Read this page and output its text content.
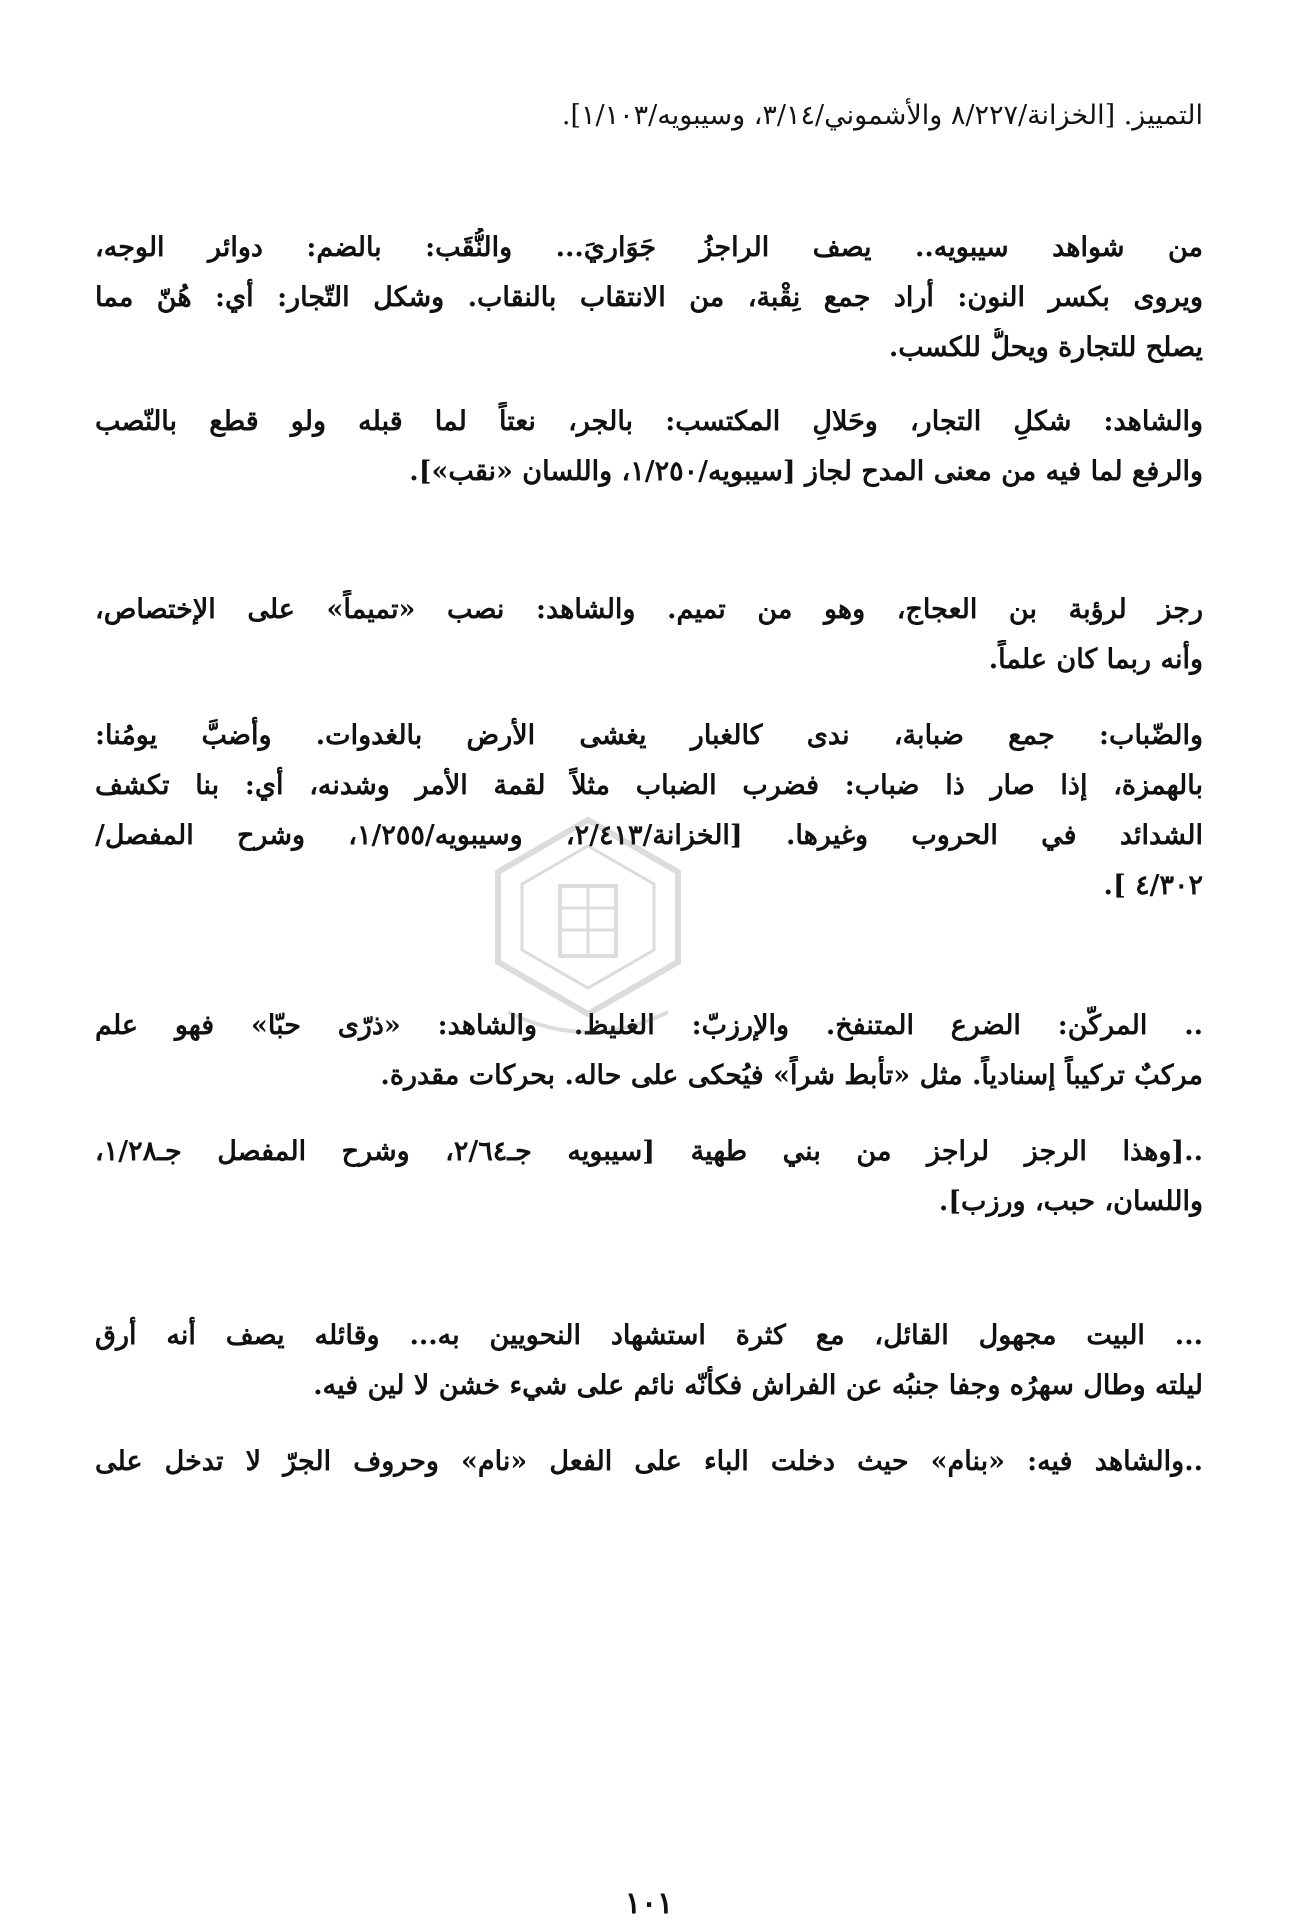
التمييز. [الخزانة/٨/٢٢٧ والأشموني/٣/١٤، وسيبويه/١/١٠٣].
من شواهد سيبويه.. يصف الراجزُ جَوَاريَ... والنُّقَب: بالضم: دوائر الوجه،
ويروى بكسر النون: أراد جمع نِقْبة، من الانتقاب بالنقاب. وشكل التّجار: أي: هُنّ مما
يصلح للتجارة ويحلُّ للكسب.
والشاهد: شكلِ التجار، وحَلالِ المكتسب: بالجر، نعتاً لما قبله ولو قطع بالنّصب
والرفع لما فيه من معنى المدح لجاز [سيبويه/١/٢٥٠، واللسان «نقب»].
رجز لرؤبة بن العجاج، وهو من تميم. والشاهد: نصب «تميماً» على الإختصاص،
وأنه ربما كان علماً.
والضّباب: جمع ضبابة، ندى كالغبار يغشى الأرض بالغدوات. وأضبَّ يومُنا:
بالهمزة، إذا صار ذا ضباب: فضرب الضباب مثلاً لقمة الأمر وشدنه، أي: بنا تكشف
الشدائد في الحروب وغيرها. [الخزانة/٢/٤١٣، وسيبويه/١/٢٥٥، وشرح المفصل/
٤/٣٠٢ ].
.. المركّن: الضرع المتنفخ. والإرزبّ: الغليظ. والشاهد: «ذرّى حبّا» فهو علم
مركبٌ تركيباً إسنادياً. مثل «تأبط شراً» فيُحكى على حاله. بحركات مقدرة.
..[وهذا الرجز لراجز من بني طهية [سيبويه جـ٢/٦٤، وشرح المفصل جـ١/٢٨،
واللسان، حبب، ورزب].
... البيت مجهول القائل، مع كثرة استشهاد النحويين به... وقائله يصف أنه أرق
ليلته وطال سهرُه وجفا جنبُه عن الفراش فكأنّه نائم على شيء خشن لا لين فيه.
..والشاهد فيه: «بنام» حيث دخلت الباء على الفعل «نام» وحروف الجرّ لا تدخل على
١٠١
